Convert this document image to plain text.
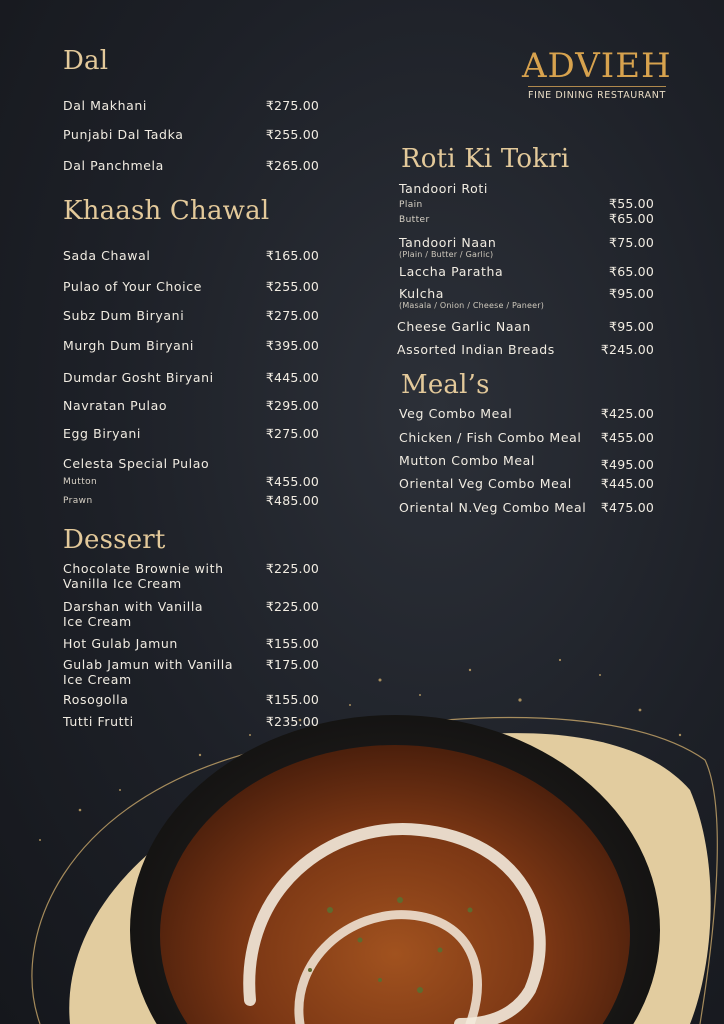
ADVIEH
FINE DINING RESTAURANT
Dal
Dal Makhani	₹275.00
Punjabi Dal Tadka	₹255.00
Dal Panchmela	₹265.00
Khaash Chawal
Sada Chawal	₹165.00
Pulao of Your Choice	₹255.00
Subz Dum Biryani	₹275.00
Murgh Dum Biryani	₹395.00
Dumdar Gosht Biryani	₹445.00
Navratan Pulao	₹295.00
Egg Biryani	₹275.00
Celesta Special Pulao
Mutton	₹455.00
Prawn	₹485.00
Dessert
Chocolate Brownie with Vanilla Ice Cream
₹225.00
Darshan with Vanilla Ice Cream
₹225.00
Hot Gulab Jamun	₹155.00
Gulab Jamun with Vanilla Ice Cream
₹175.00
Rosogolla	₹155.00
Tutti Frutti	₹235.00
Roti Ki Tokri
Tandoori Roti
Plain	₹55.00
Butter	₹65.00
Tandoori Naan
(Plain / Butter / Garlic)
₹75.00
Laccha Paratha	₹65.00
Kulcha
(Masala / Onion / Cheese / Paneer)
₹95.00
Cheese Garlic Naan	₹95.00
Assorted Indian Breads	₹245.00
Meal’s
Veg Combo Meal	₹425.00
Chicken / Fish Combo Meal ₹455.00
Mutton Combo Meal	₹495.00
Oriental Veg Combo Meal ₹445.00
Oriental N.Veg Combo Meal ₹475.00
